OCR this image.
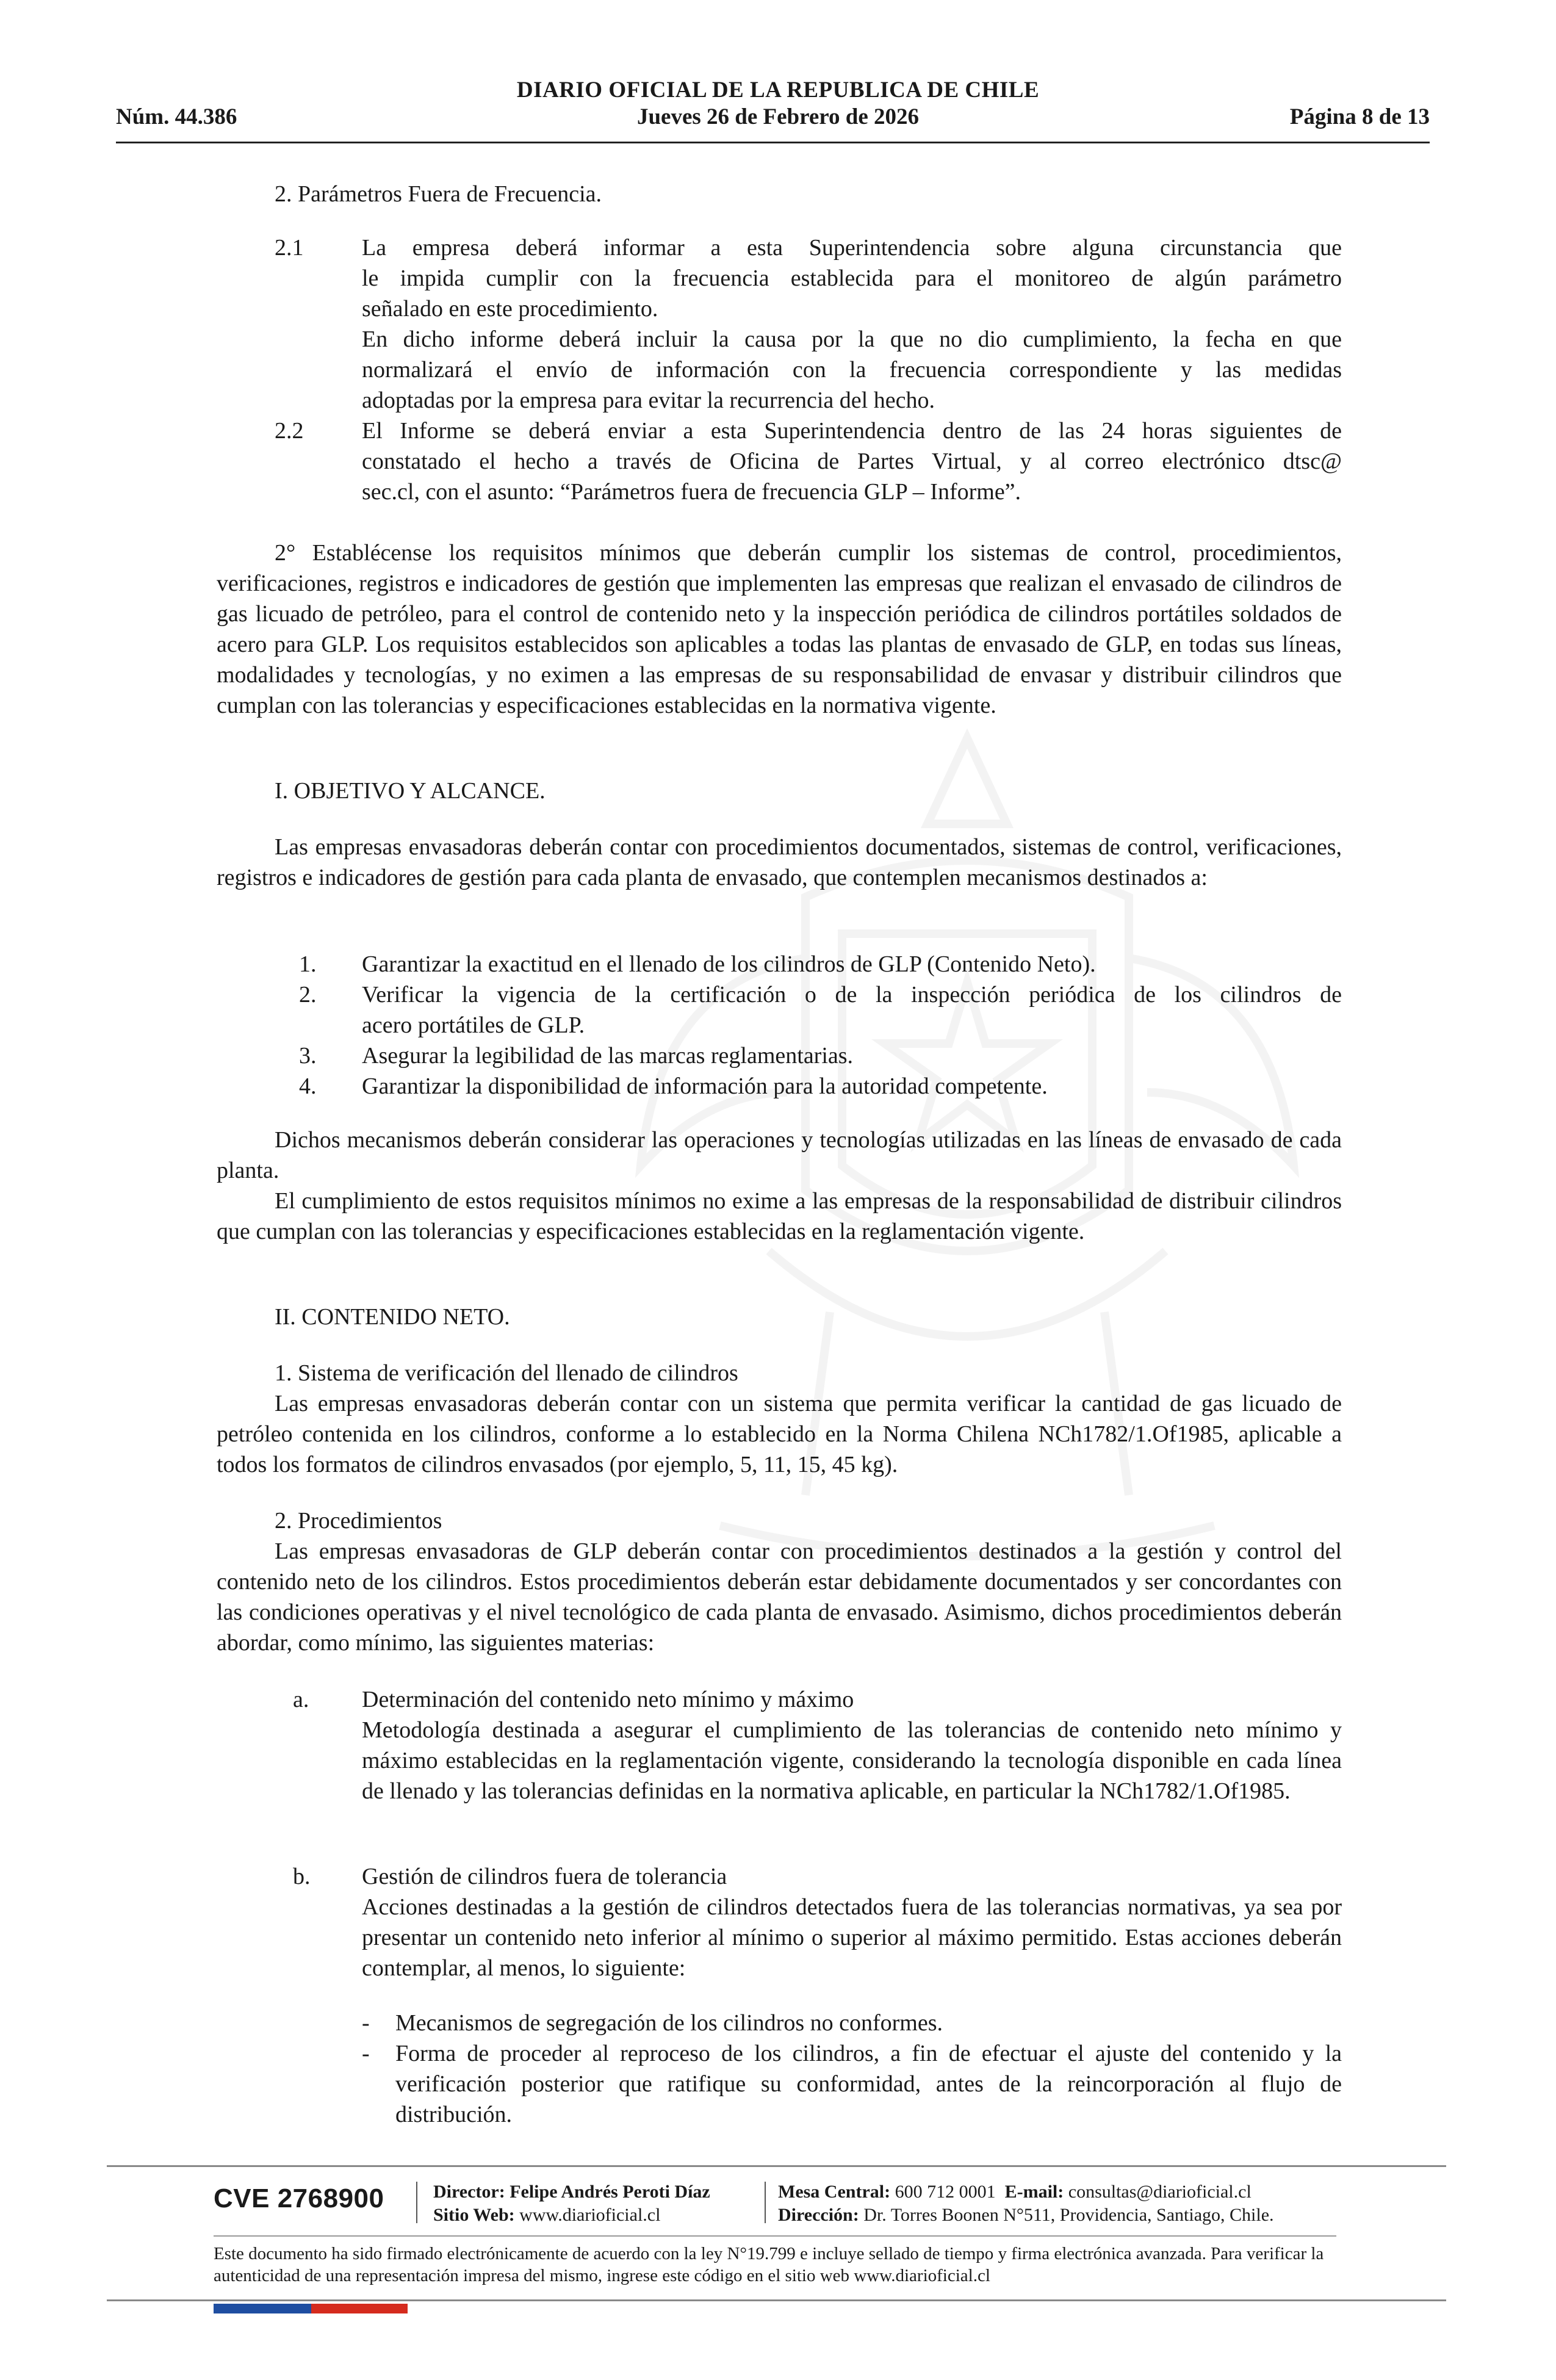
DIARIO OFICIAL DE LA REPUBLICA DE CHILE
Núm. 44.386	Jueves 26 de Febrero de 2026	Página 8 de 13
2. Parámetros Fuera de Frecuencia.
2.1	La empresa deberá informar a esta Superintendencia sobre alguna circunstancia que
le impida cumplir con la frecuencia establecida para el monitoreo de algún parámetro
señalado en este procedimiento.
En dicho informe deberá incluir la causa por la que no dio cumplimiento, la fecha en que
normalizará el envío de información con la frecuencia correspondiente y las medidas
adoptadas por la empresa para evitar la recurrencia del hecho.
2.2	El Informe se deberá enviar a esta Superintendencia dentro de las 24 horas siguientes de
constatado el hecho a través de Oficina de Partes Virtual, y al correo electrónico dtsc@
sec.cl, con el asunto: “Parámetros fuera de frecuencia GLP – Informe”.
2° Establécense los requisitos mínimos que deberán cumplir los sistemas de control, procedimientos, verificaciones, registros e indicadores de gestión que implementen las empresas que realizan el envasado de cilindros de gas licuado de petróleo, para el control de contenido neto y la inspección periódica de cilindros portátiles soldados de acero para GLP. Los requisitos establecidos son aplicables a todas las plantas de envasado de GLP, en todas sus líneas, modalidades y tecnologías, y no eximen a las empresas de su responsabilidad de envasar y distribuir cilindros que cumplan con las tolerancias y especificaciones establecidas en la normativa vigente.
I. OBJETIVO Y ALCANCE.
Las empresas envasadoras deberán contar con procedimientos documentados, sistemas de control, verificaciones, registros e indicadores de gestión para cada planta de envasado, que contemplen mecanismos destinados a:
1. Garantizar la exactitud en el llenado de los cilindros de GLP (Contenido Neto).
2. Verificar la vigencia de la certificación o de la inspección periódica de los cilindros de
acero portátiles de GLP.
3. Asegurar la legibilidad de las marcas reglamentarias.
4. Garantizar la disponibilidad de información para la autoridad competente.
Dichos mecanismos deberán considerar las operaciones y tecnologías utilizadas en las líneas de envasado de cada planta.
El cumplimiento de estos requisitos mínimos no exime a las empresas de la responsabilidad de distribuir cilindros que cumplan con las tolerancias y especificaciones establecidas en la reglamentación vigente.
II. CONTENIDO NETO.
1. Sistema de verificación del llenado de cilindros
Las empresas envasadoras deberán contar con un sistema que permita verificar la cantidad de gas licuado de petróleo contenida en los cilindros, conforme a lo establecido en la Norma Chilena NCh1782/1.Of1985, aplicable a todos los formatos de cilindros envasados (por ejemplo, 5, 11, 15, 45 kg).
2. Procedimientos
Las empresas envasadoras de GLP deberán contar con procedimientos destinados a la gestión y control del contenido neto de los cilindros. Estos procedimientos deberán estar debidamente documentados y ser concordantes con las condiciones operativas y el nivel tecnológico de cada planta de envasado. Asimismo, dichos procedimientos deberán abordar, como mínimo, las siguientes materias:
a. Determinación del contenido neto mínimo y máximo
Metodología destinada a asegurar el cumplimiento de las tolerancias de contenido neto mínimo y máximo establecidas en la reglamentación vigente, considerando la tecnología disponible en cada línea de llenado y las tolerancias definidas en la normativa aplicable, en particular la NCh1782/1.Of1985.
b. Gestión de cilindros fuera de tolerancia
Acciones destinadas a la gestión de cilindros detectados fuera de las tolerancias normativas, ya sea por presentar un contenido neto inferior al mínimo o superior al máximo permitido. Estas acciones deberán contemplar, al menos, lo siguiente:
- Mecanismos de segregación de los cilindros no conformes.
- Forma de proceder al reproceso de los cilindros, a fin de efectuar el ajuste del contenido y la verificación posterior que ratifique su conformidad, antes de la reincorporación al flujo de distribución.
CVE 2768900	Director: Felipe Andrés Peroti Díaz
Sitio Web: www.diarioficial.cl
Mesa Central: 600 712 0001 E-mail: consultas@diarioficial.cl
Dirección: Dr. Torres Boonen N°511, Providencia, Santiago, Chile.
Este documento ha sido firmado electrónicamente de acuerdo con la ley N°19.799 e incluye sellado de tiempo y firma electrónica avanzada. Para verificar la autenticidad de una representación impresa del mismo, ingrese este código en el sitio web www.diarioficial.cl
